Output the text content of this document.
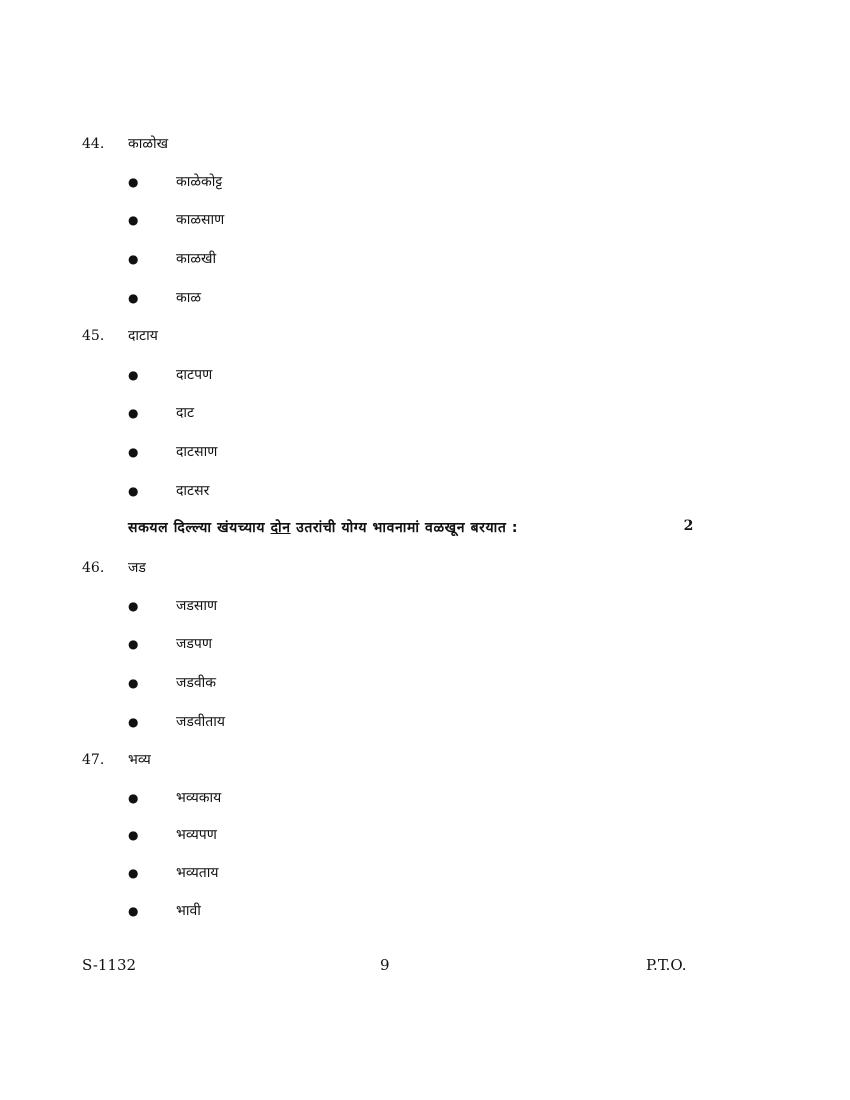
44. काळोख
●	काळेकोट्ट
●	काळसाण
●	काळखी
●	काळ
45. दाटाय
●	दाटपण
●	दाट
●	दाटसाण
●	दाटसर
सकयल दिल्ल्या खंयच्याय दोन उतरांची योग्य भावनामां वळखून बरयात :	2
46. जड
●	जडसाण
●	जडपण
●	जडवीक
●	जडवीताय
47. भव्य
●	भव्यकाय
●	भव्यपण
●	भव्यताय
●	भावी
S-1132	9	P.T.O.
